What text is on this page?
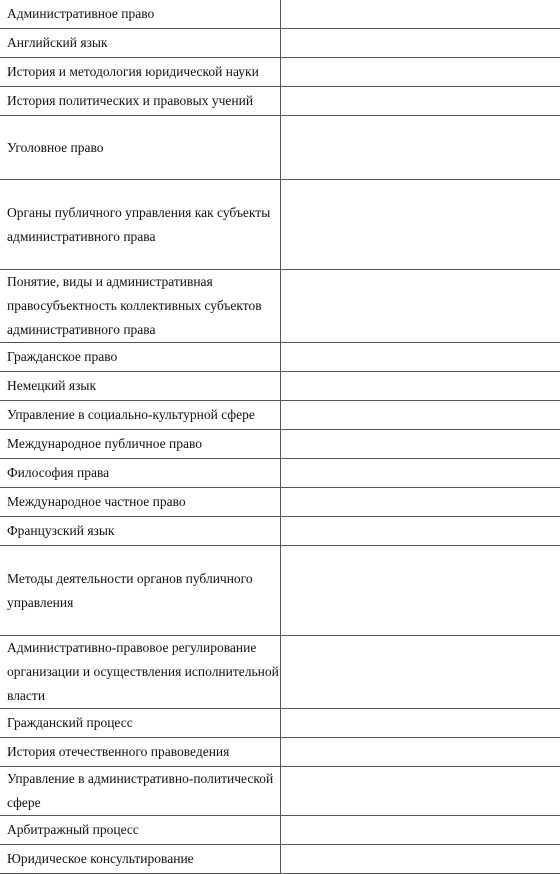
Административное право	
Английский язык	
История и методология юридической науки	
История политических и правовых учений	
Уголовное право	
Органы публичного управления как субъекты административного права	
Понятие, виды и административная правосубъектность коллективных субъектов административного права	
Гражданское право	
Немецкий язык	
Управление в социально-культурной сфере	
Международное публичное право	
Философия права	
Международное частное право	
Французский язык	
Методы деятельности органов публичного управления	
Административно-правовое регулирование организации и осуществления исполнительной власти	
Гражданский процесс	
История отечественного правоведения	
Управление в административно-политической сфере	
Арбитражный процесс	
Юридическое консультирование	
